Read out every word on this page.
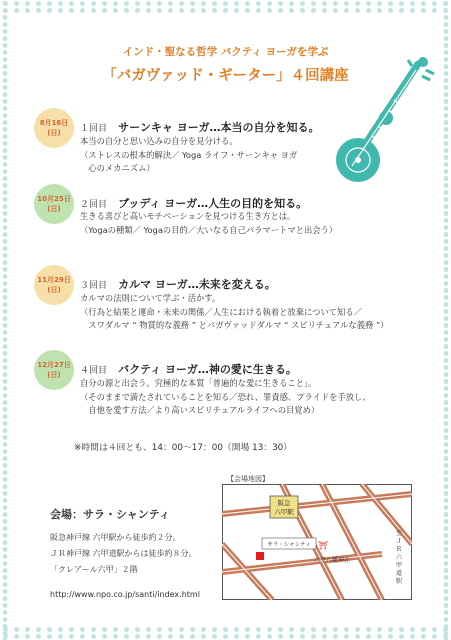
インド・聖なる哲学 バクティ ヨーガを学ぶ
「バガヴァッド・ギーター」４回講座
8月16日
(日) １回目 サーンキャ ヨーガ…本当の自分を知る。
本当の自分と思い込みの自分を見分ける。
（ストレスの根本的解決／ Yoga ライフ・サーンキャ ヨガ
　心のメカニズム）
10月25日
(日) ２回目 ブッディ ヨーガ…人生の目的を知る。
生きる喜びと高いモチベーションを見つける生き方とは。
（Yogaの種類／ Yogaの目的／大いなる自己パラマートマと出会う）
11月29日
(日) ３回目 カルマ ヨーガ…未来を変える。
カルマの法則について学ぶ・活かす。
（行為と結果と運命・未来の関係／人生における執着と放棄について知る／
　スワダルマ “ 物質的な義務 ” とバガヴァッドダルマ “ スピリチュアルな義務 ”）
12月27日
(日) ４回目 バクティ ヨーガ…神の愛に生きる。
自分の源と出会う。究極的な本質「普遍的な愛に生きること」。
（そのままで満たされていることを知る／恐れ、罪責感、プライドを手放し、
　自他を愛す方法／より高いスピリチュアルライフへの目覚め）
※時間は４回とも、14：00〜17：00（開場 13：30）
会場：サラ・シャンティ
阪急神戸線 六甲駅から徒歩約２分。
ＪＲ神戸線 六甲道駅からは徒歩約８分。
「クレアール六甲」２階
http://www.npo.co.jp/santi/index.html
【会場地図】
阪急
六甲駅
サラ・シャンティ ⛩
六甲八幡神社
至ＪＲ六甲道駅
